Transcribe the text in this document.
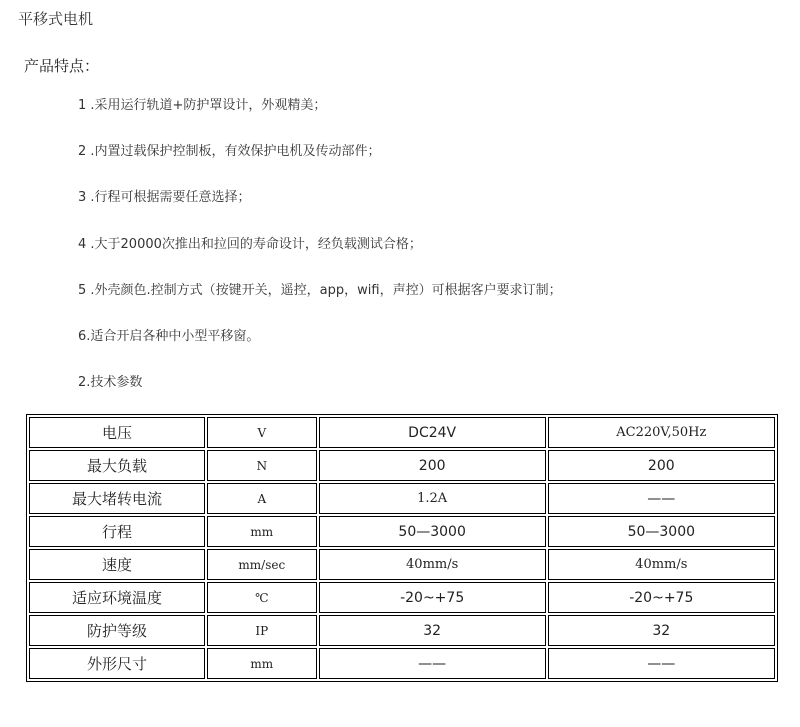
平移式电机
产品特点：
1 .采用运行轨道+防护罩设计，外观精美；
2 .内置过载保护控制板，有效保护电机及传动部件；
3 .行程可根据需要任意选择；
4 .大于20000次推出和拉回的寿命设计，经负载测试合格；
5 .外壳颜色.控制方式（按键开关，遥控，app，wifi，声控）可根据客户要求订制；
6.适合开启各种中小型平移窗。
2.技术参数
电压	V	DC24V	AC220V,50Hz
最大负载	N	200	200
最大堵转电流	A	1.2A	——
行程	mm	50—3000	50—3000
速度	mm/sec	40mm/s	40mm/s
适应环境温度	℃	-20~+75	-20~+75
防护等级	IP	32	32
外形尺寸	mm	——	——
